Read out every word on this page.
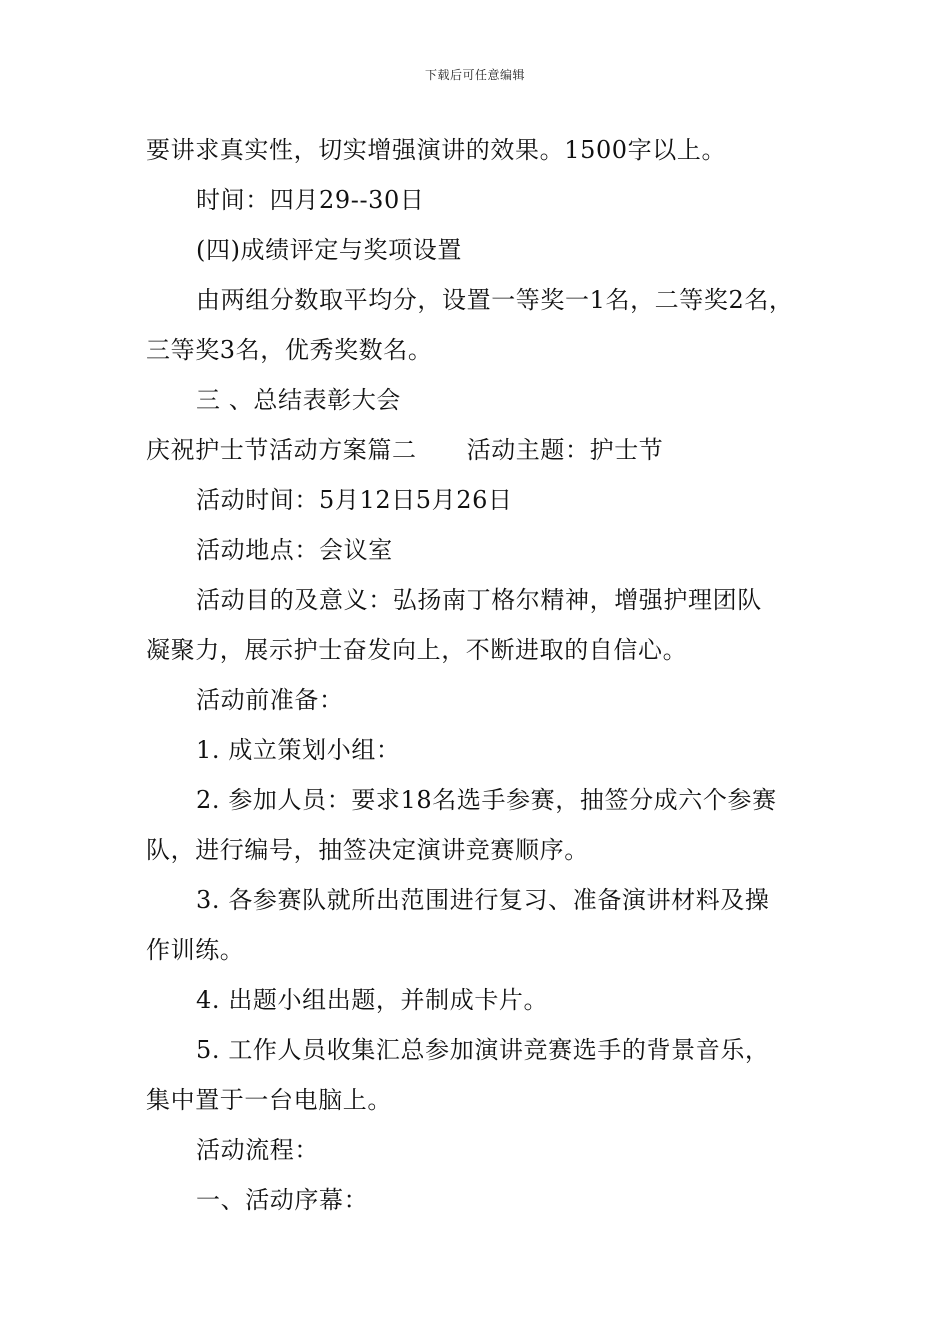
下载后可任意编辑
要讲求真实性，切实增强演讲的效果。1500字以上。
时间：四月29--30日
(四)成绩评定与奖项设置
由两组分数取平均分，设置一等奖一1名，二等奖2名，
三等奖3名，优秀奖数名。
三 、总结表彰大会
庆祝护士节活动方案篇二 活动主题：护士节
活动时间：5月12日5月26日
活动地点：会议室
活动目的及意义：弘扬南丁格尔精神，增强护理团队
凝聚力，展示护士奋发向上，不断进取的自信心。
活动前准备：
1. 成立策划小组：
2. 参加人员：要求18名选手参赛，抽签分成六个参赛
队，进行编号，抽签决定演讲竞赛顺序。
3. 各参赛队就所出范围进行复习、准备演讲材料及操
作训练。
4. 出题小组出题，并制成卡片。
5. 工作人员收集汇总参加演讲竞赛选手的背景音乐，
集中置于一台电脑上。
活动流程：
一、活动序幕：
